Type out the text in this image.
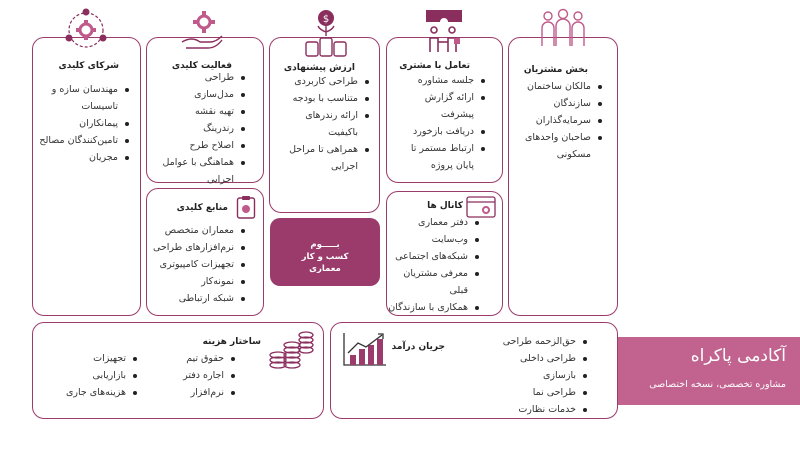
بخش مشتریان
مالکان ساختمان
سازندگان
سرمایه‌گذاران
صاحبان واحدهای مسکونی
تعامل با مشتری
جلسه مشاوره
ارائه گزارش پیشرفت
دریافت بازخورد
ارتباط مستمر تا پایان پروژه
$
ارزش پیشنهادی
طراحی کاربردی
متناسب با بودجه
ارائه رندرهای باکیفیت
همراهی تا مراحل اجرایی
فعالیت کلیدی
طراحی
مدل‌سازی
تهیه نقشه
رندرینگ
اصلاح طرح
هماهنگی با عوامل اجرایی
شرکای کلیدی
مهندسان سازه و تاسیسات
پیمانکاران
تامین‌کنندگان مصالح
مجریان
کانال ها
دفتر معماری
وب‌سایت
شبکه‌های اجتماعی
معرفی مشتریان قبلی
همکاری با سازندگان
منابع کلیدی
معماران متخصص
نرم‌افزارهای طراحی
تجهیزات کامپیوتری
نمونه‌کار
شبکه ارتباطی
بـــــوم
کسب و کار
معماری
ساختار هزینه
حقوق تیم
اجاره دفتر
نرم‌افزار
تجهیزات
بازاریابی
هزینه‌های جاری
جریان درآمد	حق‌الزحمه طراحی
طراحی داخلی
بازسازی
طراحی نما
خدمات نظارت
آکادمی پاکراه
مشاوره تخصصی، نسخه اختصاصی
